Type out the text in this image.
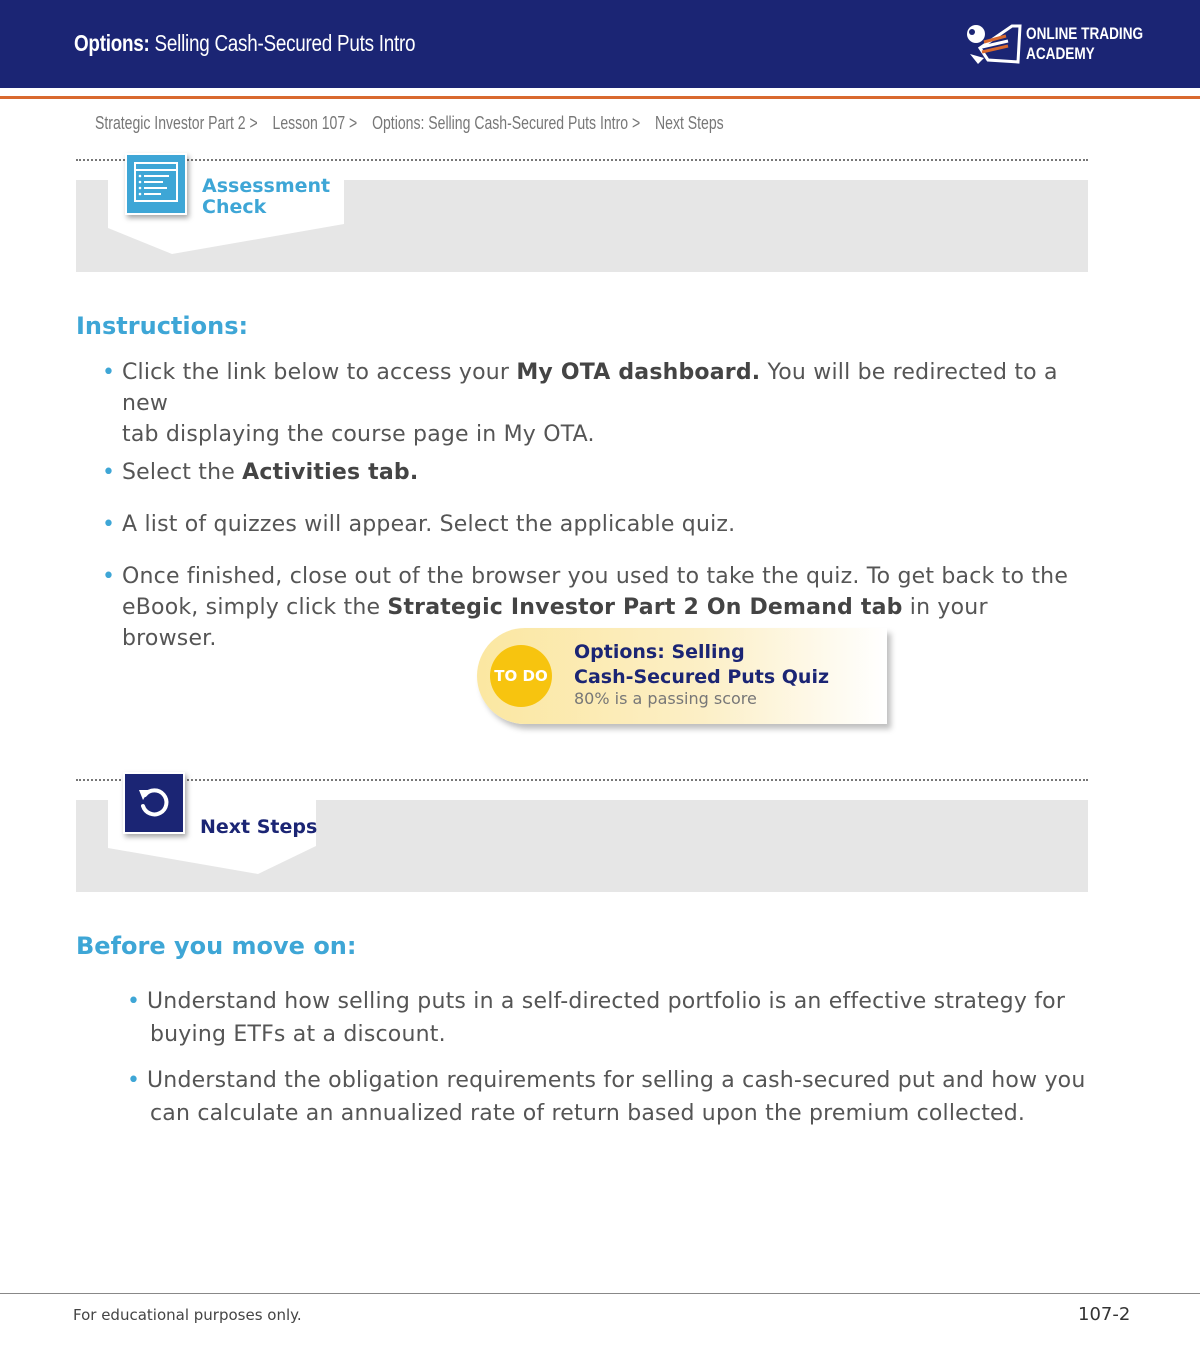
Options: Selling Cash-Secured Puts Intro	ONLINE TRADING
ACADEMY
Strategic Investor Part 2 > Lesson 107 > Options: Selling Cash-Secured Puts Intro > Next Steps
Assessment
Check
Instructions:
• Click the link below to access your My OTA dashboard. You will be redirected to a new
tab displaying the course page in My OTA.
• Select the Activities tab.
• A list of quizzes will appear. Select the applicable quiz.
• Once finished, close out of the browser you used to take the quiz. To get back to the
eBook, simply click the Strategic Investor Part 2 On Demand tab in your browser.
TO DO
Options: Selling
Cash-Secured Puts Quiz
80% is a passing score
Next Steps
Before you move on:
• Understand how selling puts in a self-directed portfolio is an effective strategy for
buying ETFs at a discount.
• Understand the obligation requirements for selling a cash-secured put and how you
can calculate an annualized rate of return based upon the premium collected.
For educational purposes only.	107-2
